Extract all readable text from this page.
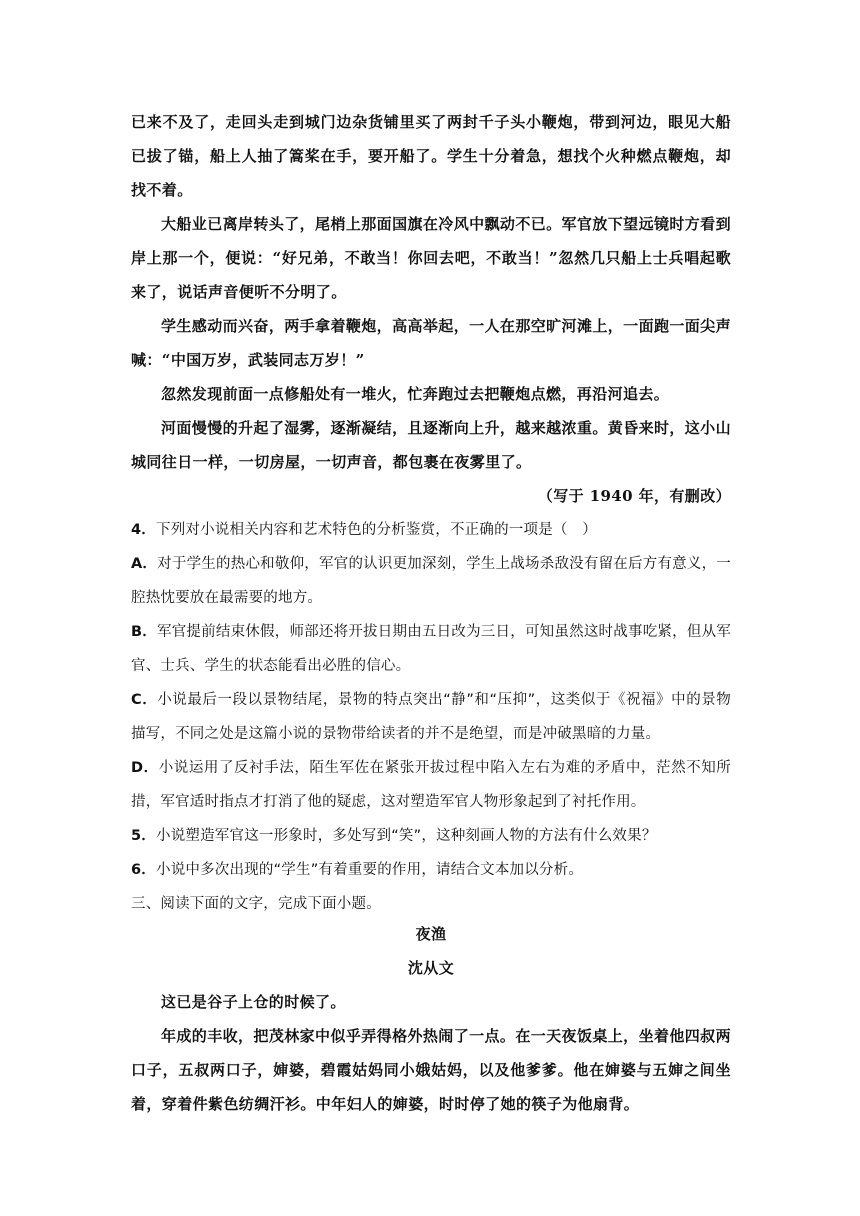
已来不及了，走回头走到城门边杂货铺里买了两封千子头小鞭炮，带到河边，眼见大船已拔了锚，船上人抽了篙桨在手，要开船了。学生十分着急，想找个火种燃点鞭炮，却找不着。

大船业已离岸转头了，尾梢上那面国旗在冷风中飘动不已。军官放下望远镜时方看到岸上那一个，便说：“好兄弟，不敢当！你回去吧，不敢当！”忽然几只船上士兵唱起歌来了，说话声音便听不分明了。

学生感动而兴奋，两手拿着鞭炮，高高举起，一人在那空旷河滩上，一面跑一面尖声喊：“中国万岁，武装同志万岁！”

忽然发现前面一点修船处有一堆火，忙奔跑过去把鞭炮点燃，再沿河追去。

河面慢慢的升起了湿雾，逐渐凝结，且逐渐向上升，越来越浓重。黄昏来时，这小山城同往日一样，一切房屋，一切声音，都包裹在夜雾里了。

（写于 1940 年，有删改）

4．下列对小说相关内容和艺术特色的分析鉴赏，不正确的一项是（　）

A．对于学生的热心和敬仰，军官的认识更加深刻，学生上战场杀敌没有留在后方有意义，一腔热忱要放在最需要的地方。

B．军官提前结束休假，师部还将开拔日期由五日改为三日，可知虽然这时战事吃紧，但从军官、士兵、学生的状态能看出必胜的信心。

C．小说最后一段以景物结尾，景物的特点突出“静”和“压抑”，这类似于《祝福》中的景物描写，不同之处是这篇小说的景物带给读者的并不是绝望，而是冲破黑暗的力量。

D．小说运用了反衬手法，陌生军佐在紧张开拔过程中陷入左右为难的矛盾中，茫然不知所措，军官适时指点才打消了他的疑虑，这对塑造军官人物形象起到了衬托作用。

5．小说塑造军官这一形象时，多处写到“笑”，这种刻画人物的方法有什么效果？

6．小说中多次出现的“学生”有着重要的作用，请结合文本加以分析。

三、阅读下面的文字，完成下面小题。

夜渔

沈从文

这已是谷子上仓的时候了。

年成的丰收，把茂林家中似乎弄得格外热闹了一点。在一天夜饭桌上，坐着他四叔两口子，五叔两口子，婶婆，碧霞姑妈同小娥姑妈，以及他爹爹。他在婶婆与五婶之间坐着，穿着件紫色纺绸汗衫。中年妇人的婶婆，时时停了她的筷子为他扇背。
